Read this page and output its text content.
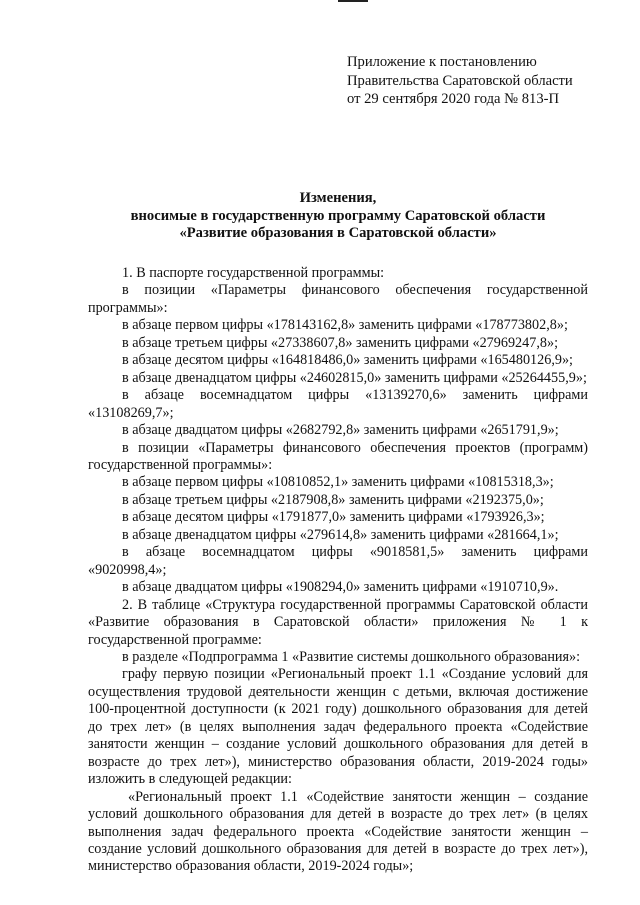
Приложение к постановлению
Правительства Саратовской области
от 29 сентября 2020 года № 813-П
Изменения,
вносимые в государственную программу Саратовской области
«Развитие образования в Саратовской области»

1. В паспорте государственной программы:

в позиции «Параметры финансового обеспечения государственной программы»:

в абзаце первом цифры «178143162,8» заменить цифрами «178773802,8»;

в абзаце третьем цифры «27338607,8» заменить цифрами «27969247,8»;

в абзаце десятом цифры «164818486,0» заменить цифрами «165480126,9»;

в абзаце двенадцатом цифры «24602815,0» заменить цифрами «25264455,9»;

в абзаце восемнадцатом цифры «13139270,6» заменить цифрами «13108269,7»;

в абзаце двадцатом цифры «2682792,8» заменить цифрами «2651791,9»;

в позиции «Параметры финансового обеспечения проектов (программ) государственной программы»:

в абзаце первом цифры «10810852,1» заменить цифрами «10815318,3»;

в абзаце третьем цифры «2187908,8» заменить цифрами «2192375,0»;

в абзаце десятом цифры «1791877,0» заменить цифрами «1793926,3»;

в абзаце двенадцатом цифры «279614,8» заменить цифрами «281664,1»;

в абзаце восемнадцатом цифры «9018581,5» заменить цифрами «9020998,4»;

в абзаце двадцатом цифры «1908294,0» заменить цифрами «1910710,9».

2. В таблице «Структура государственной программы Саратовской области «Развитие образования в Саратовской области» приложения № 1 к государственной программе:

в разделе «Подпрограмма 1 «Развитие системы дошкольного образования»:

графу первую позиции «Региональный проект 1.1 «Создание условий для осуществления трудовой деятельности женщин с детьми, включая достижение 100-процентной доступности (к 2021 году) дошкольного образования для детей до трех лет» (в целях выполнения задач федерального проекта «Содействие занятости женщин – создание условий дошкольного образования для детей в возрасте до трех лет»), министерство образования области, 2019-2024 годы» изложить в следующей редакции:

«Региональный проект 1.1 «Содействие занятости женщин – создание условий дошкольного образования для детей в возрасте до трех лет» (в целях выполнения задач федерального проекта «Содействие занятости женщин – создание условий дошкольного образования для детей в возрасте до трех лет»), министерство образования области, 2019-2024 годы»;
